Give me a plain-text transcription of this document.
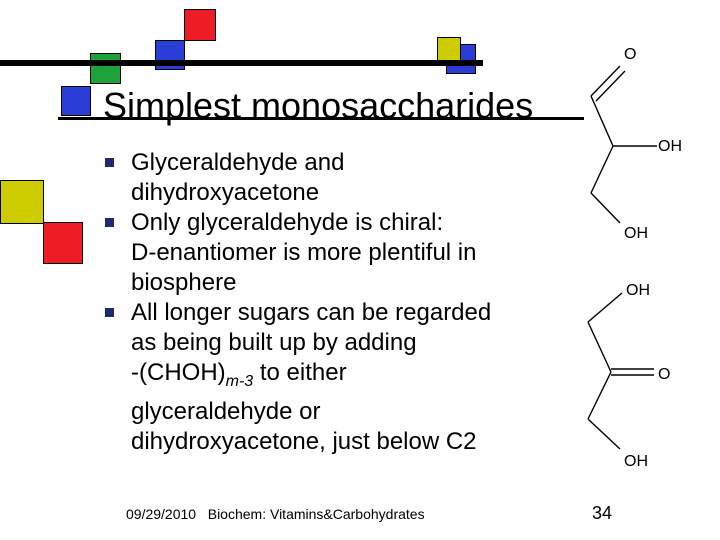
Simplest monosaccharides
Glyceraldehyde and
dihydroxyacetone
Only glyceraldehyde is chiral:
D-enantiomer is more plentiful in
biosphere
All longer sugars can be regarded
as being built up by adding
$-(CHOH)_{m-3}$ to either
glyceraldehyde or
dihydroxyacetone, just below C2
O
OH
OH
OH
O
OH
09/29/2010   Biochem: Vitamins&Carbohydrates	34
